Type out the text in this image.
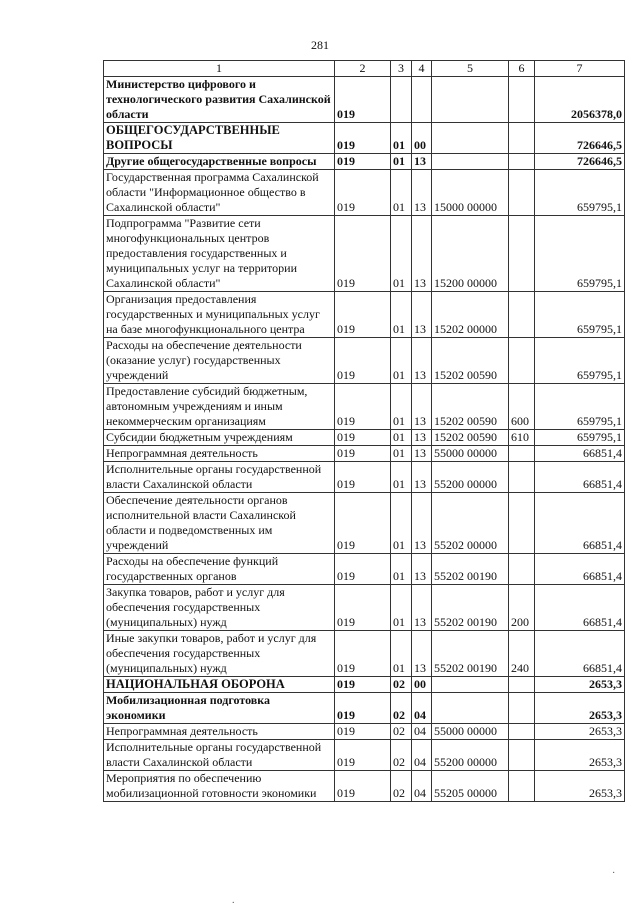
281
1	2	3	4	5	6	7
Министерство цифрового и технологического развития Сахалинской области	019					2056378,0
ОБЩЕГОСУДАРСТВЕННЫЕ ВОПРОСЫ	019	01	00			726646,5
Другие общегосударственные вопросы	019	01	13			726646,5
Государственная программа Сахалинской области "Информационное общество в Сахалинской области"	019	01	13	15000 00000		659795,1
Подпрограмма "Развитие сети многофункциональных центров предоставления государственных и муниципальных услуг на территории Сахалинской области"	019	01	13	15200 00000		659795,1
Организация предоставления государственных и муниципальных услуг на базе многофункционального центра	019	01	13	15202 00000		659795,1
Расходы на обеспечение деятельности (оказание услуг) государственных учреждений	019	01	13	15202 00590		659795,1
Предоставление субсидий бюджетным, автономным учреждениям и иным некоммерческим организациям	019	01	13	15202 00590	600	659795,1
Субсидии бюджетным учреждениям	019	01	13	15202 00590	610	659795,1
Непрограммная деятельность	019	01	13	55000 00000		66851,4
Исполнительные органы государственной власти Сахалинской области	019	01	13	55200 00000		66851,4
Обеспечение деятельности органов исполнительной власти Сахалинской области и подведомственных им учреждений	019	01	13	55202 00000		66851,4
Расходы на обеспечение функций государственных органов	019	01	13	55202 00190		66851,4
Закупка товаров, работ и услуг для обеспечения государственных (муниципальных) нужд	019	01	13	55202 00190	200	66851,4
Иные закупки товаров, работ и услуг для обеспечения государственных (муниципальных) нужд	019	01	13	55202 00190	240	66851,4
НАЦИОНАЛЬНАЯ ОБОРОНА	019	02	00			2653,3
Мобилизационная подготовка экономики	019	02	04			2653,3
Непрограммная деятельность	019	02	04	55000 00000		2653,3
Исполнительные органы государственной власти Сахалинской области	019	02	04	55200 00000		2653,3
Мероприятия по обеспечению мобилизационной готовности экономики	019	02	04	55205 00000		2653,3
.
·
